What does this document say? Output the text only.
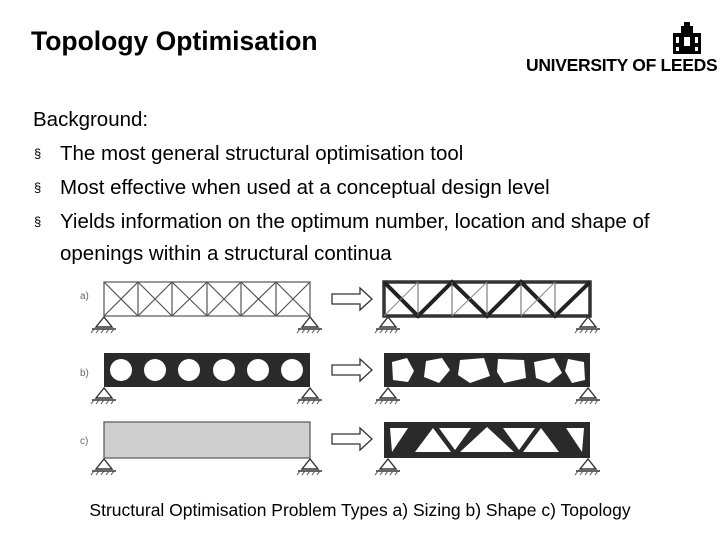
Topology Optimisation
UNIVERSITY OF LEEDS
Background:
§ The most general structural optimisation tool
§ Most effective when used at a conceptual design level
§ Yields information on the optimum number, location and shape of openings within a structural continua
a)
b)
c)
Structural Optimisation Problem Types a) Sizing b) Shape c) Topology
